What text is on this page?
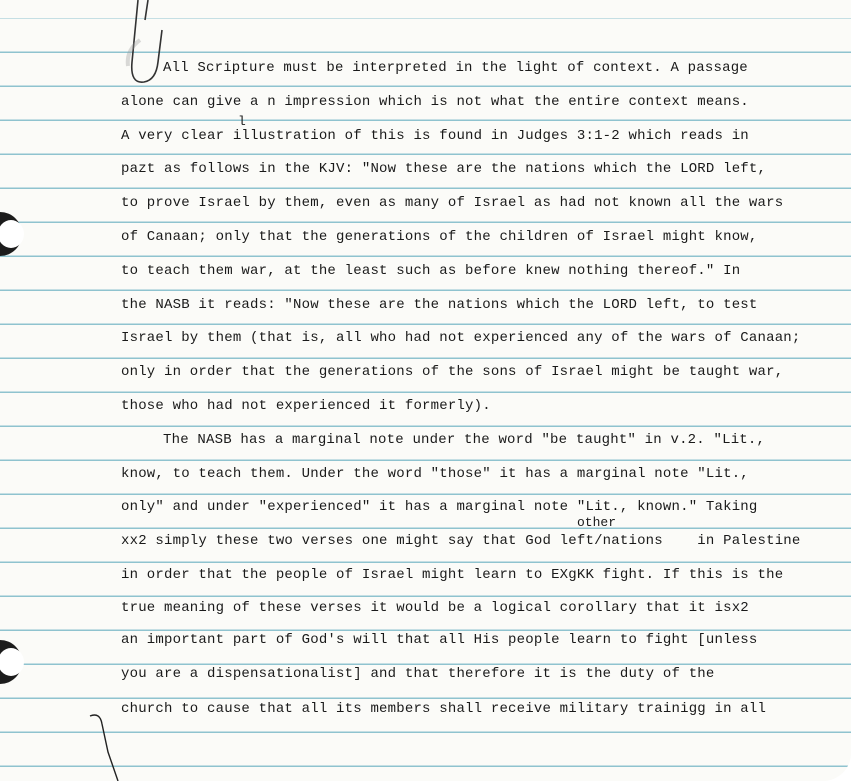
All Scripture must be interpreted in the light of context. A passage
alone can give a n impression which is not what the entire context means.
A very clear illustration of this is found in Judges 3:1-2 which reads in
l
pazt as follows in the KJV: "Now these are the nations which the LORD left,
to prove Israel by them, even as many of Israel as had not known all the wars
of Canaan; only that the generations of the children of Israel might know,
to teach them war, at the least such as before knew nothing thereof." In
the NASB it reads: "Now these are the nations which the LORD left, to test
Israel by them (that is, all who had not experienced any of the wars of Canaan;
only in order that the generations of the sons of Israel might be taught war,
those who had not experienced it formerly).
The NASB has a marginal note under the word "be taught" in v.2. "Lit.,
know, to teach them. Under the word "those" it has a marginal note "Lit.,
only" and under "experienced" it has a marginal note "Lit., known." Taking
other
xx2 simply these two verses one might say that God left/nations    in Palestine
in order that the people of Israel might learn to EXgKK fight. If this is the
true meaning of these verses it would be a logical corollary that it isx2
an important part of God's will that all His people learn to fight [unless
you are a dispensationalist] and that therefore it is the duty of the
church to cause that all its members shall receive military trainigg in all
